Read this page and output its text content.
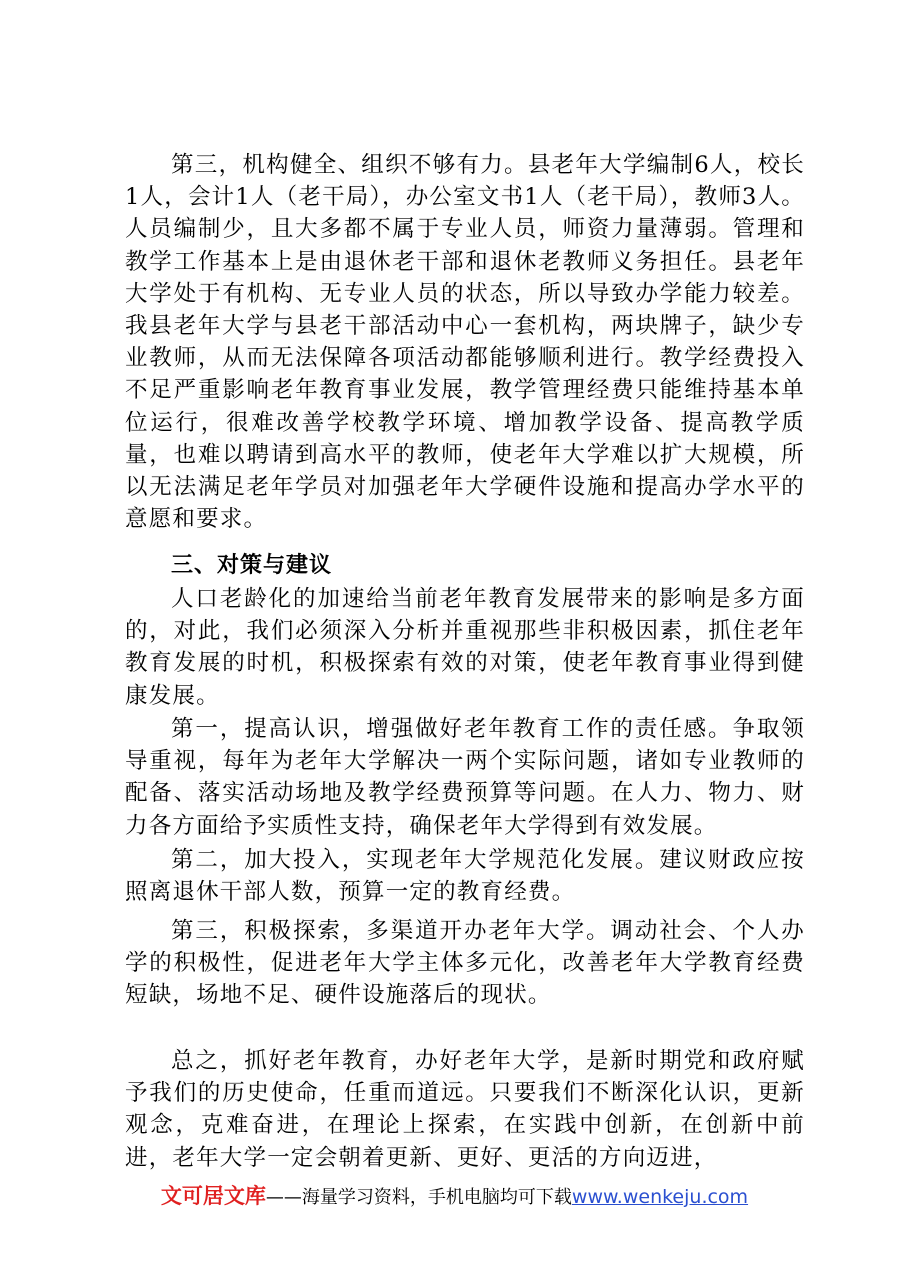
第三，机构健全、组织不够有力。县老年大学编制6人，校长1人，会计1人（老干局），办公室文书1人（老干局），教师3人。人员编制少，且大多都不属于专业人员，师资力量薄弱。管理和教学工作基本上是由退休老干部和退休老教师义务担任。县老年大学处于有机构、无专业人员的状态，所以导致办学能力较差。我县老年大学与县老干部活动中心一套机构，两块牌子，缺少专业教师，从而无法保障各项活动都能够顺利进行。教学经费投入不足严重影响老年教育事业发展，教学管理经费只能维持基本单位运行，很难改善学校教学环境、增加教学设备、提高教学质量，也难以聘请到高水平的教师，使老年大学难以扩大规模，所以无法满足老年学员对加强老年大学硬件设施和提高办学水平的意愿和要求。

三、对策与建议

人口老龄化的加速给当前老年教育发展带来的影响是多方面的，对此，我们必须深入分析并重视那些非积极因素，抓住老年教育发展的时机，积极探索有效的对策，使老年教育事业得到健康发展。

第一，提高认识，增强做好老年教育工作的责任感。争取领导重视，每年为老年大学解决一两个实际问题，诸如专业教师的配备、落实活动场地及教学经费预算等问题。在人力、物力、财力各方面给予实质性支持，确保老年大学得到有效发展。

第二，加大投入，实现老年大学规范化发展。建议财政应按照离退休干部人数，预算一定的教育经费。

第三，积极探索，多渠道开办老年大学。调动社会、个人办学的积极性，促进老年大学主体多元化，改善老年大学教育经费短缺，场地不足、硬件设施落后的现状。

总之，抓好老年教育，办好老年大学，是新时期党和政府赋予我们的历史使命，任重而道远。只要我们不断深化认识，更新观念，克难奋进，在理论上探索，在实践中创新，在创新中前进，老年大学一定会朝着更新、更好、更活的方向迈进，

文可居文库——海量学习资料，手机电脑均可下载www.wenkeju.com
